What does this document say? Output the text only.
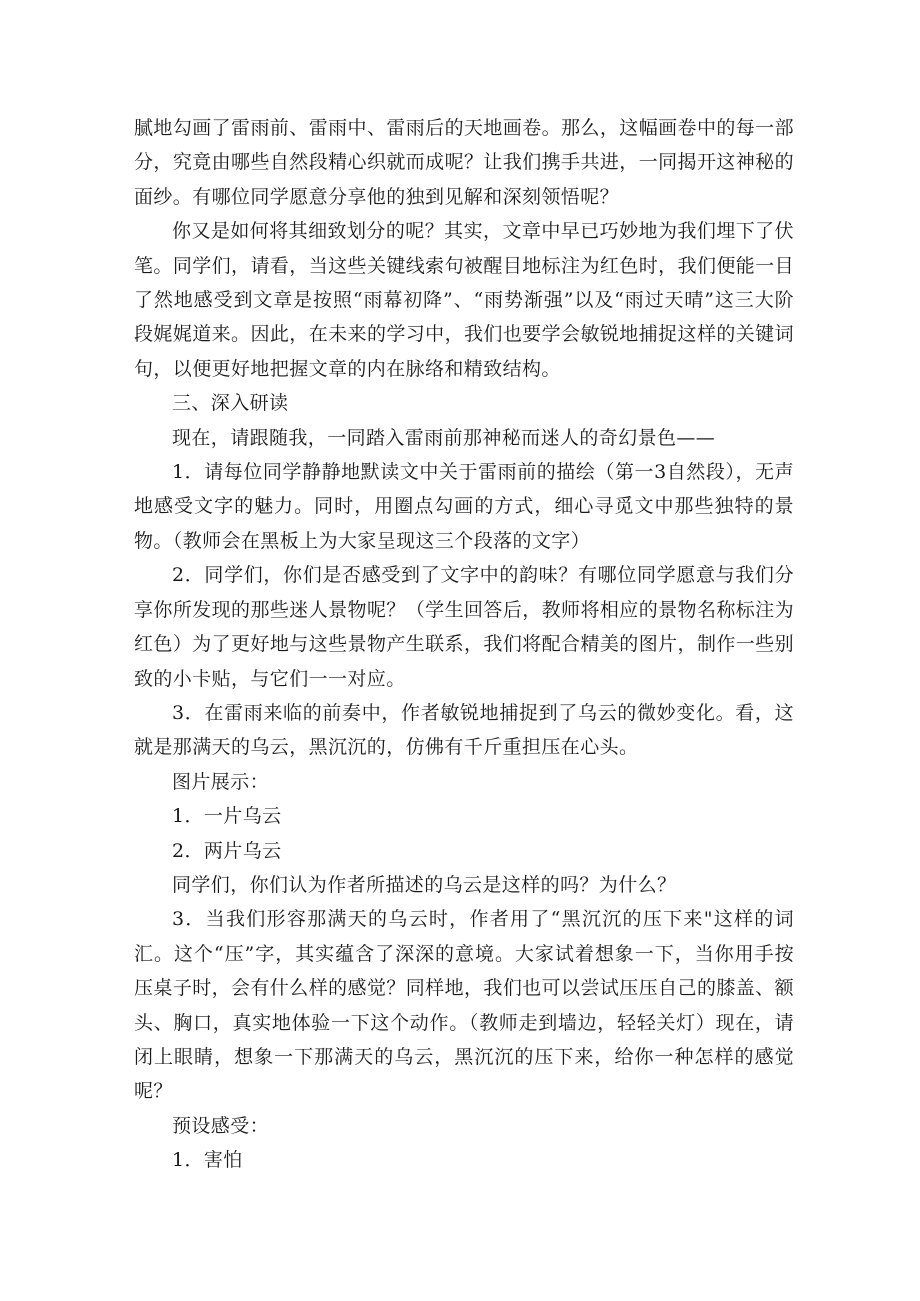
腻地勾画了雷雨前、雷雨中、雷雨后的天地画卷。那么，这幅画卷中的每一部分，究竟由哪些自然段精心织就而成呢？让我们携手共进，一同揭开这神秘的面纱。有哪位同学愿意分享他的独到见解和深刻领悟呢？

你又是如何将其细致划分的呢？其实，文章中早已巧妙地为我们埋下了伏笔。同学们，请看，当这些关键线索句被醒目地标注为红色时，我们便能一目了然地感受到文章是按照“雨幕初降”、“雨势渐强”以及“雨过天晴”这三大阶段娓娓道来。因此，在未来的学习中，我们也要学会敏锐地捕捉这样的关键词句，以便更好地把握文章的内在脉络和精致结构。

三、深入研读

现在，请跟随我，一同踏入雷雨前那神秘而迷人的奇幻景色——

1．请每位同学静静地默读文中关于雷雨前的描绘（第一3自然段），无声地感受文字的魅力。同时，用圈点勾画的方式，细心寻觅文中那些独特的景物。（教师会在黑板上为大家呈现这三个段落的文字）

2．同学们，你们是否感受到了文字中的韵味？有哪位同学愿意与我们分享你所发现的那些迷人景物呢？（学生回答后，教师将相应的景物名称标注为红色）为了更好地与这些景物产生联系，我们将配合精美的图片，制作一些别致的小卡贴，与它们一一对应。

3．在雷雨来临的前奏中，作者敏锐地捕捉到了乌云的微妙变化。看，这就是那满天的乌云，黑沉沉的，仿佛有千斤重担压在心头。

图片展示：

1．一片乌云

2．两片乌云

同学们，你们认为作者所描述的乌云是这样的吗？为什么？

3．当我们形容那满天的乌云时，作者用了“黑沉沉的压下来"这样的词汇。这个“压”字，其实蕴含了深深的意境。大家试着想象一下，当你用手按压桌子时，会有什么样的感觉？同样地，我们也可以尝试压压自己的膝盖、额头、胸口，真实地体验一下这个动作。（教师走到墙边，轻轻关灯）现在，请闭上眼睛，想象一下那满天的乌云，黑沉沉的压下来，给你一种怎样的感觉呢？

预设感受：

1．害怕
